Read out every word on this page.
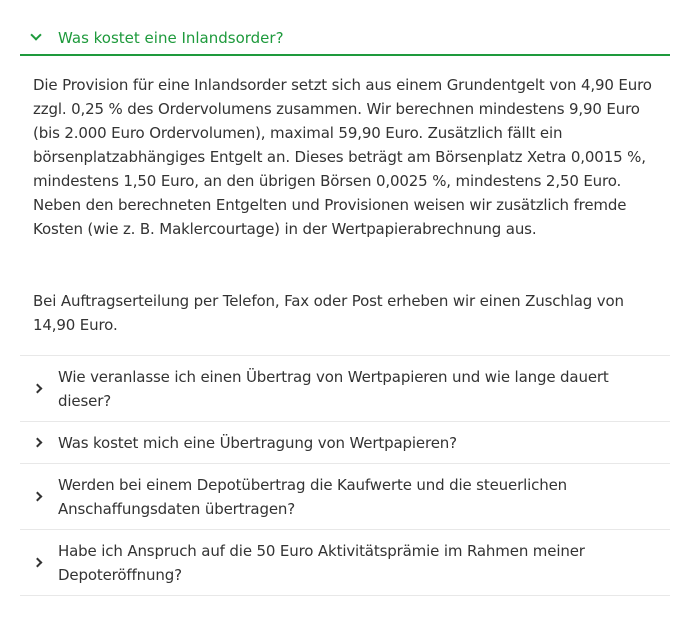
Was kostet eine Inlandsorder?

Die Provision für eine Inlandsorder setzt sich aus einem Grundentgelt von 4,90 Euro zzgl. 0,25 % des Ordervolumens zusammen. Wir berechnen mindestens 9,90 Euro (bis 2.000 Euro Ordervolumen), maximal 59,90 Euro. Zusätzlich fällt ein börsenplatzabhängiges Entgelt an. Dieses beträgt am Börsenplatz Xetra 0,0015 %, mindestens 1,50 Euro, an den übrigen Börsen 0,0025 %, mindestens 2,50 Euro. Neben den berechneten Entgelten und Provisionen weisen wir zusätzlich fremde Kosten (wie z. B. Maklercourtage) in der Wertpapierabrechnung aus.

Bei Auftragserteilung per Telefon, Fax oder Post erheben wir einen Zuschlag von 14,90 Euro.

Wie veranlasse ich einen Übertrag von Wertpapieren und wie lange dauert dieser?
Was kostet mich eine Übertragung von Wertpapieren?
Werden bei einem Depotübertrag die Kaufwerte und die steuerlichen Anschaffungsdaten übertragen?
Habe ich Anspruch auf die 50 Euro Aktivitätsprämie im Rahmen meiner Depoteröffnung?
